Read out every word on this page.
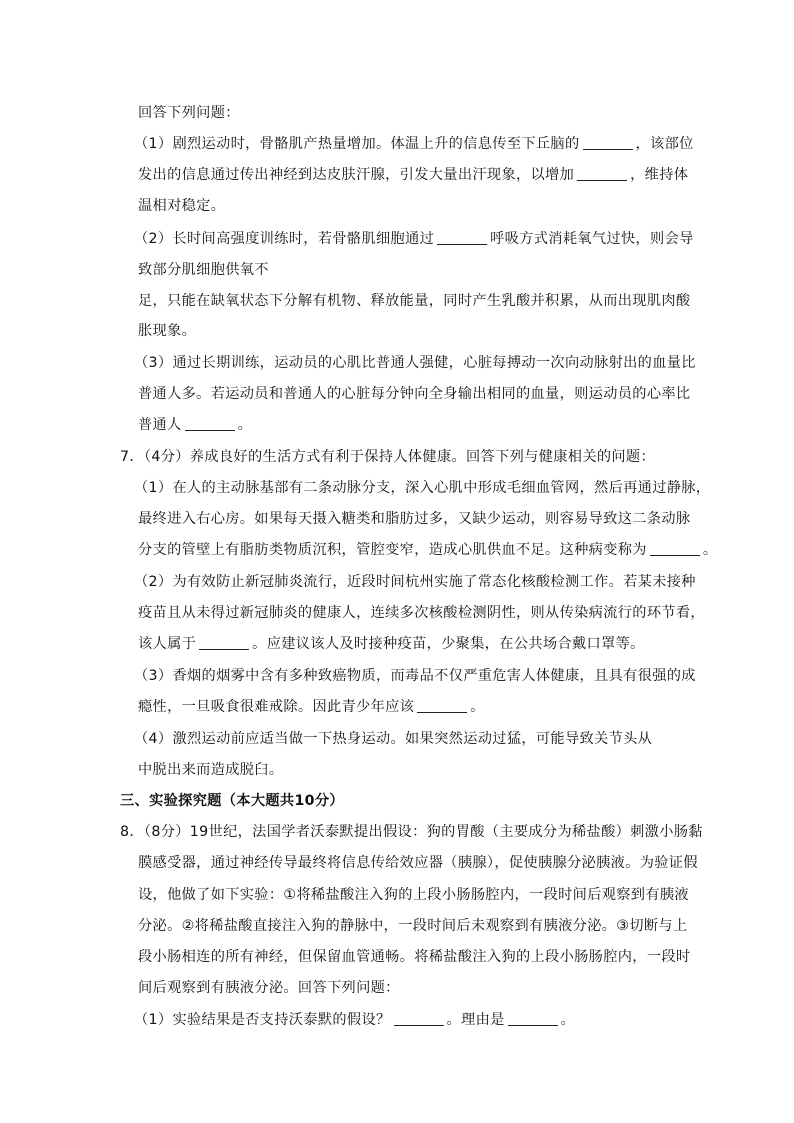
回答下列问题：
（1）剧烈运动时，骨骼肌产热量增加。体温上升的信息传至下丘脑的	，该部位
发出的信息通过传出神经到达皮肤汗腺，引发大量出汗现象，以增加	，维持体
温相对稳定。
（2）长时间高强度训练时，若骨骼肌细胞通过	呼吸方式消耗氧气过快，则会导
致部分肌细胞供氧不
足，只能在缺氧状态下分解有机物、释放能量，同时产生乳酸并积累，从而出现肌肉酸
胀现象。
（3）通过长期训练，运动员的心肌比普通人强健，心脏每搏动一次向动脉射出的血量比
普通人多。若运动员和普通人的心脏每分钟向全身输出相同的血量，则运动员的心率比
普通人	。
7．（4分）养成良好的生活方式有利于保持人体健康。回答下列与健康相关的问题：
（1）在人的主动脉基部有二条动脉分支，深入心肌中形成毛细血管网，然后再通过静脉，
最终进入右心房。如果每天摄入糖类和脂肪过多，又缺少运动，则容易导致这二条动脉
分支的管壁上有脂肪类物质沉积，管腔变窄，造成心肌供血不足。这种病变称为	。
（2）为有效防止新冠肺炎流行，近段时间杭州实施了常态化核酸检测工作。若某未接种
疫苗且从未得过新冠肺炎的健康人，连续多次核酸检测阴性，则从传染病流行的环节看，
该人属于	。应建议该人及时接种疫苗，少聚集，在公共场合戴口罩等。
（3）香烟的烟雾中含有多种致癌物质，而毒品不仅严重危害人体健康，且具有很强的成
瘾性，一旦吸食很难戒除。因此青少年应该	。
（4）激烈运动前应适当做一下热身运动。如果突然运动过猛，可能导致关节头从
中脱出来而造成脱臼。
三、实验探究题（本大题共10分）
8．（8分）19世纪，法国学者沃泰默提出假设：狗的胃酸（主要成分为稀盐酸）刺激小肠黏
膜感受器，通过神经传导最终将信息传给效应器（胰腺），促使胰腺分泌胰液。为验证假
设，他做了如下实验：①将稀盐酸注入狗的上段小肠肠腔内，一段时间后观察到有胰液
分泌。②将稀盐酸直接注入狗的静脉中，一段时间后未观察到有胰液分泌。③切断与上
段小肠相连的所有神经，但保留血管通畅。将稀盐酸注入狗的上段小肠肠腔内，一段时
间后观察到有胰液分泌。回答下列问题：
（1）实验结果是否支持沃泰默的假设？	。理由是	。
